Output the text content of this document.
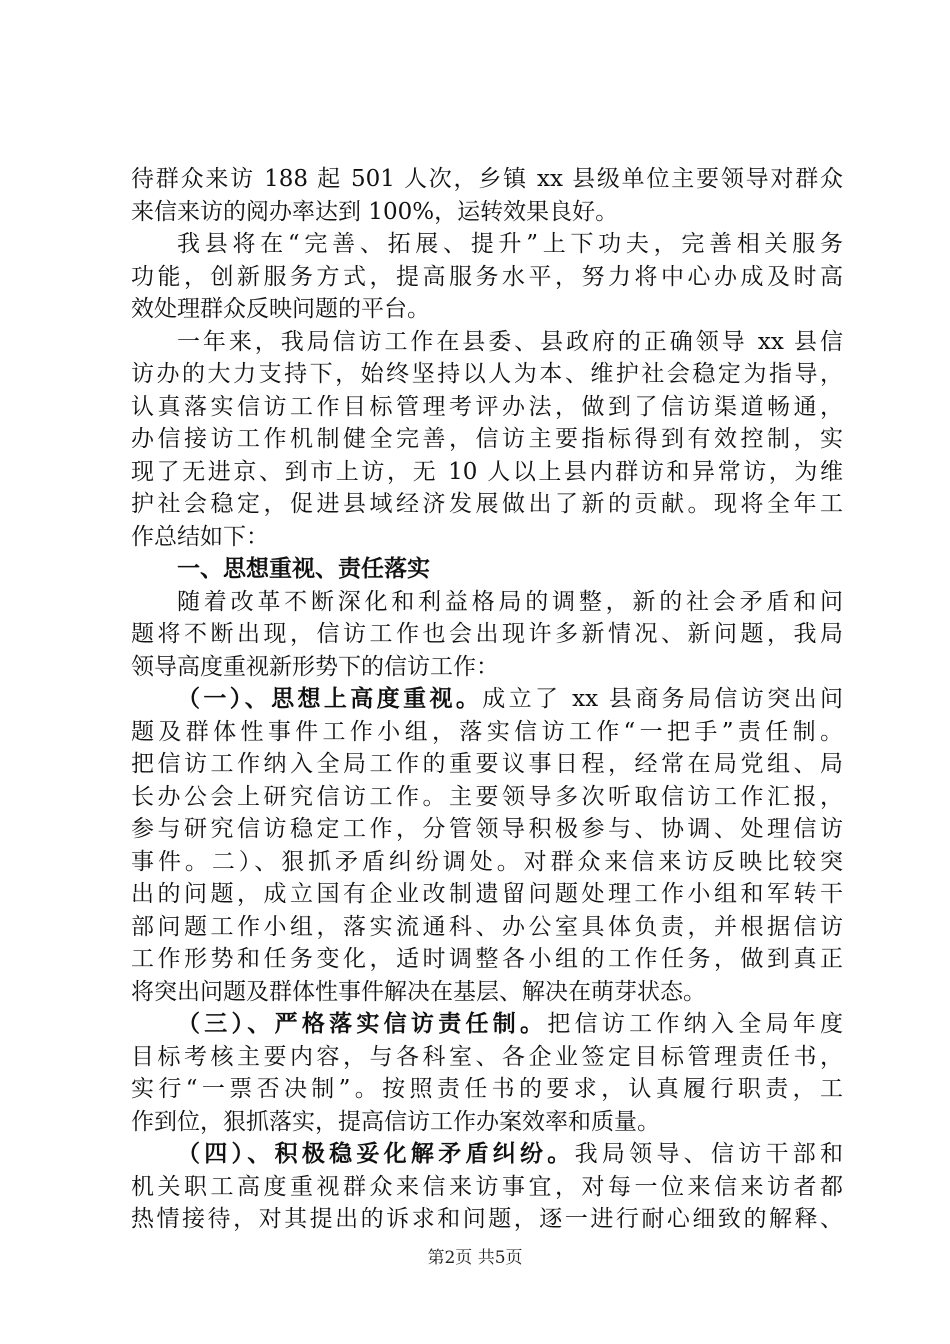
待群众来访 188 起 501 人次，乡镇 xx 县级单位主要领导对群众
来信来访的阅办率达到 100%，运转效果良好。
我县将在“完善、拓展、提升”上下功夫，完善相关服务
功能，创新服务方式，提高服务水平，努力将中心办成及时高
效处理群众反映问题的平台。
一年来，我局信访工作在县委、县政府的正确领导 xx 县信
访办的大力支持下，始终坚持以人为本、维护社会稳定为指导，
认真落实信访工作目标管理考评办法，做到了信访渠道畅通，
办信接访工作机制健全完善，信访主要指标得到有效控制，实
现了无进京、到市上访，无 10 人以上县内群访和异常访，为维
护社会稳定，促进县域经济发展做出了新的贡献。现将全年工
作总结如下：
一、思想重视、责任落实
随着改革不断深化和利益格局的调整，新的社会矛盾和问
题将不断出现，信访工作也会出现许多新情况、新问题，我局
领导高度重视新形势下的信访工作：
（一）、思想上高度重视。成立了 xx 县商务局信访突出问
题及群体性事件工作小组，落实信访工作“一把手”责任制。
把信访工作纳入全局工作的重要议事日程，经常在局党组、局
长办公会上研究信访工作。主要领导多次听取信访工作汇报，
参与研究信访稳定工作，分管领导积极参与、协调、处理信访
事件。二）、狠抓矛盾纠纷调处。对群众来信来访反映比较突
出的问题，成立国有企业改制遗留问题处理工作小组和军转干
部问题工作小组，落实流通科、办公室具体负责，并根据信访
工作形势和任务变化，适时调整各小组的工作任务，做到真正
将突出问题及群体性事件解决在基层、解决在萌芽状态。
（三）、严格落实信访责任制。把信访工作纳入全局年度
目标考核主要内容，与各科室、各企业签定目标管理责任书，
实行“一票否决制”。按照责任书的要求，认真履行职责，工
作到位，狠抓落实，提高信访工作办案效率和质量。
（四）、积极稳妥化解矛盾纠纷。我局领导、信访干部和
机关职工高度重视群众来信来访事宜，对每一位来信来访者都
热情接待，对其提出的诉求和问题，逐一进行耐心细致的解释、
第2页 共5页
